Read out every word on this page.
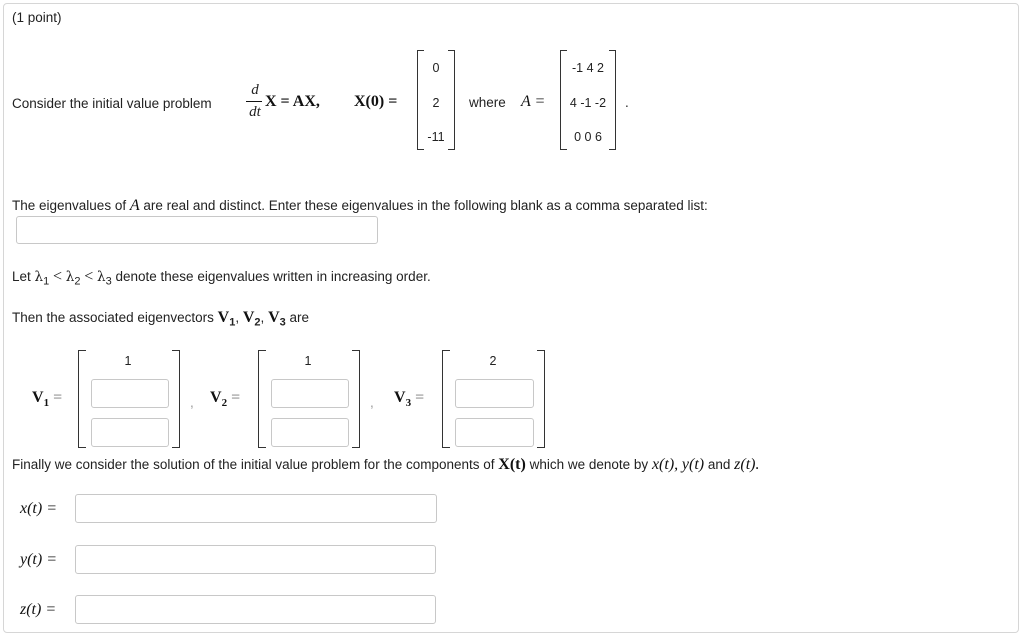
(1 point)
Consider the initial value problem
d
dt
X = AX, X(0) =
0
2
-11
where A =
-1 4 2
4 -1 -2
0 0 6
.
The eigenvalues of A are real and distinct. Enter these eigenvalues in the following blank as a comma separated list:
Let $\lambda_1 < \lambda_2 < \lambda_3$ denote these eigenvalues written in increasing order.
Then the associated eigenvectors $V_1$, $V_2$, $V_3$ are
$V_1$ =
1
, $V_2$ =
1
, $V_3$ =
2
Finally we consider the solution of the initial value problem for the components of X(t) which we denote by x(t), y(t) and z(t).
x(t) =
y(t) =
z(t) =
